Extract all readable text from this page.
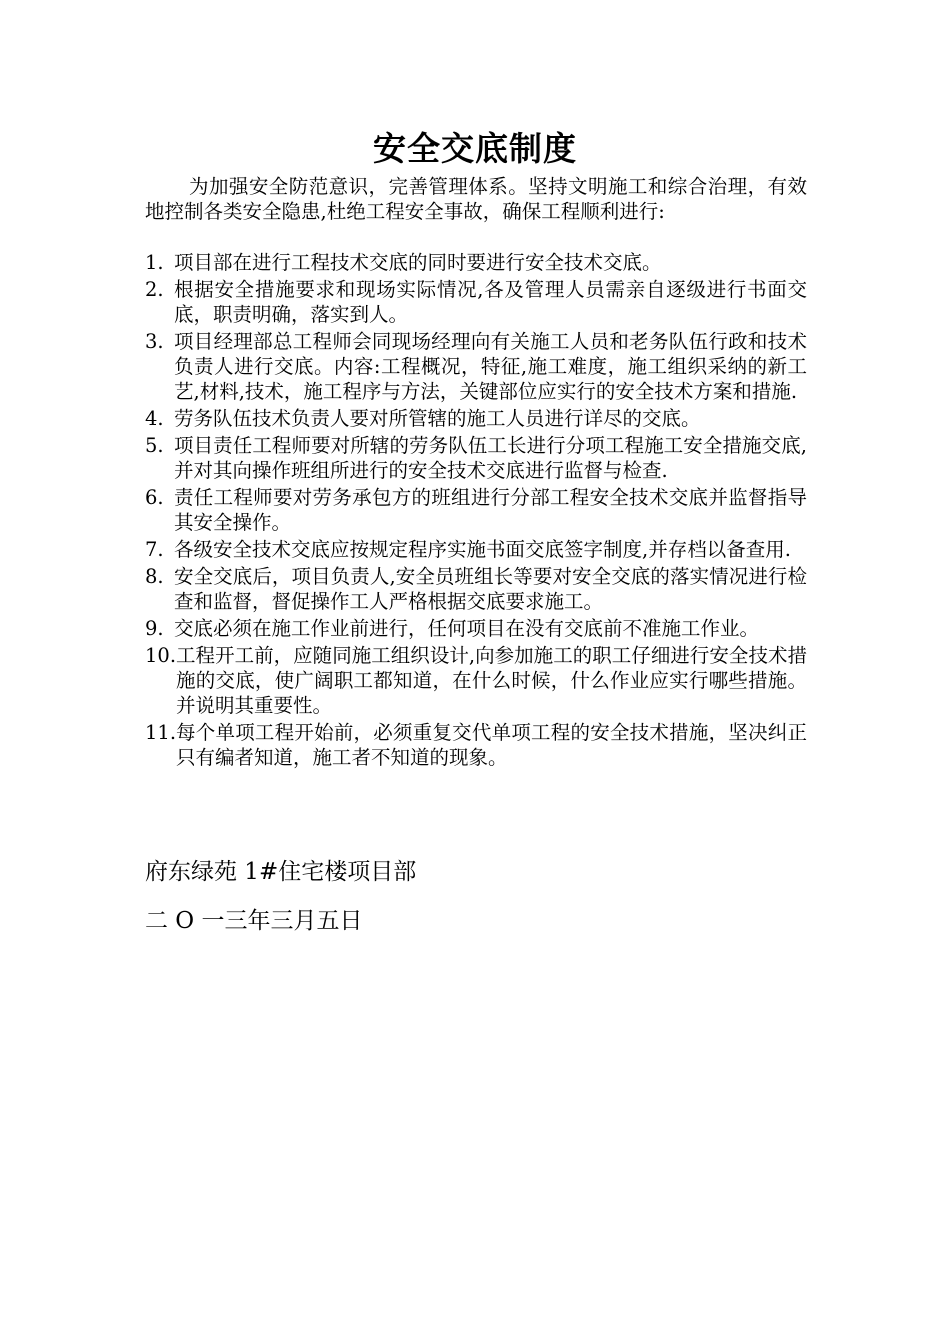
安全交底制度

为加强安全防范意识，完善管理体系。坚持文明施工和综合治理，有效地控制各类安全隐患,杜绝工程安全事故，确保工程顺利进行:

1. 项目部在进行工程技术交底的同时要进行安全技术交底。
2. 根据安全措施要求和现场实际情况,各及管理人员需亲自逐级进行书面交底，职责明确，落实到人。
3. 项目经理部总工程师会同现场经理向有关施工人员和老务队伍行政和技术负责人进行交底。内容:工程概况，特征,施工难度，施工组织采纳的新工艺,材料,技术，施工程序与方法，关键部位应实行的安全技术方案和措施.
4. 劳务队伍技术负责人要对所管辖的施工人员进行详尽的交底。
5. 项目责任工程师要对所辖的劳务队伍工长进行分项工程施工安全措施交底,并对其向操作班组所进行的安全技术交底进行监督与检查.
6. 责任工程师要对劳务承包方的班组进行分部工程安全技术交底并监督指导其安全操作。
7. 各级安全技术交底应按规定程序实施书面交底签字制度,并存档以备查用.
8. 安全交底后，项目负责人,安全员班组长等要对安全交底的落实情况进行检查和监督，督促操作工人严格根据交底要求施工。
9. 交底必须在施工作业前进行，任何项目在没有交底前不准施工作业。
10. 工程开工前，应随同施工组织设计,向参加施工的职工仔细进行安全技术措施的交底，使广阔职工都知道，在什么时候，什么作业应实行哪些措施。并说明其重要性。
11. 每个单项工程开始前，必须重复交代单项工程的安全技术措施，坚决纠正只有编者知道，施工者不知道的现象。
府东绿苑 1#住宅楼项目部
二 O 一三年三月五日
